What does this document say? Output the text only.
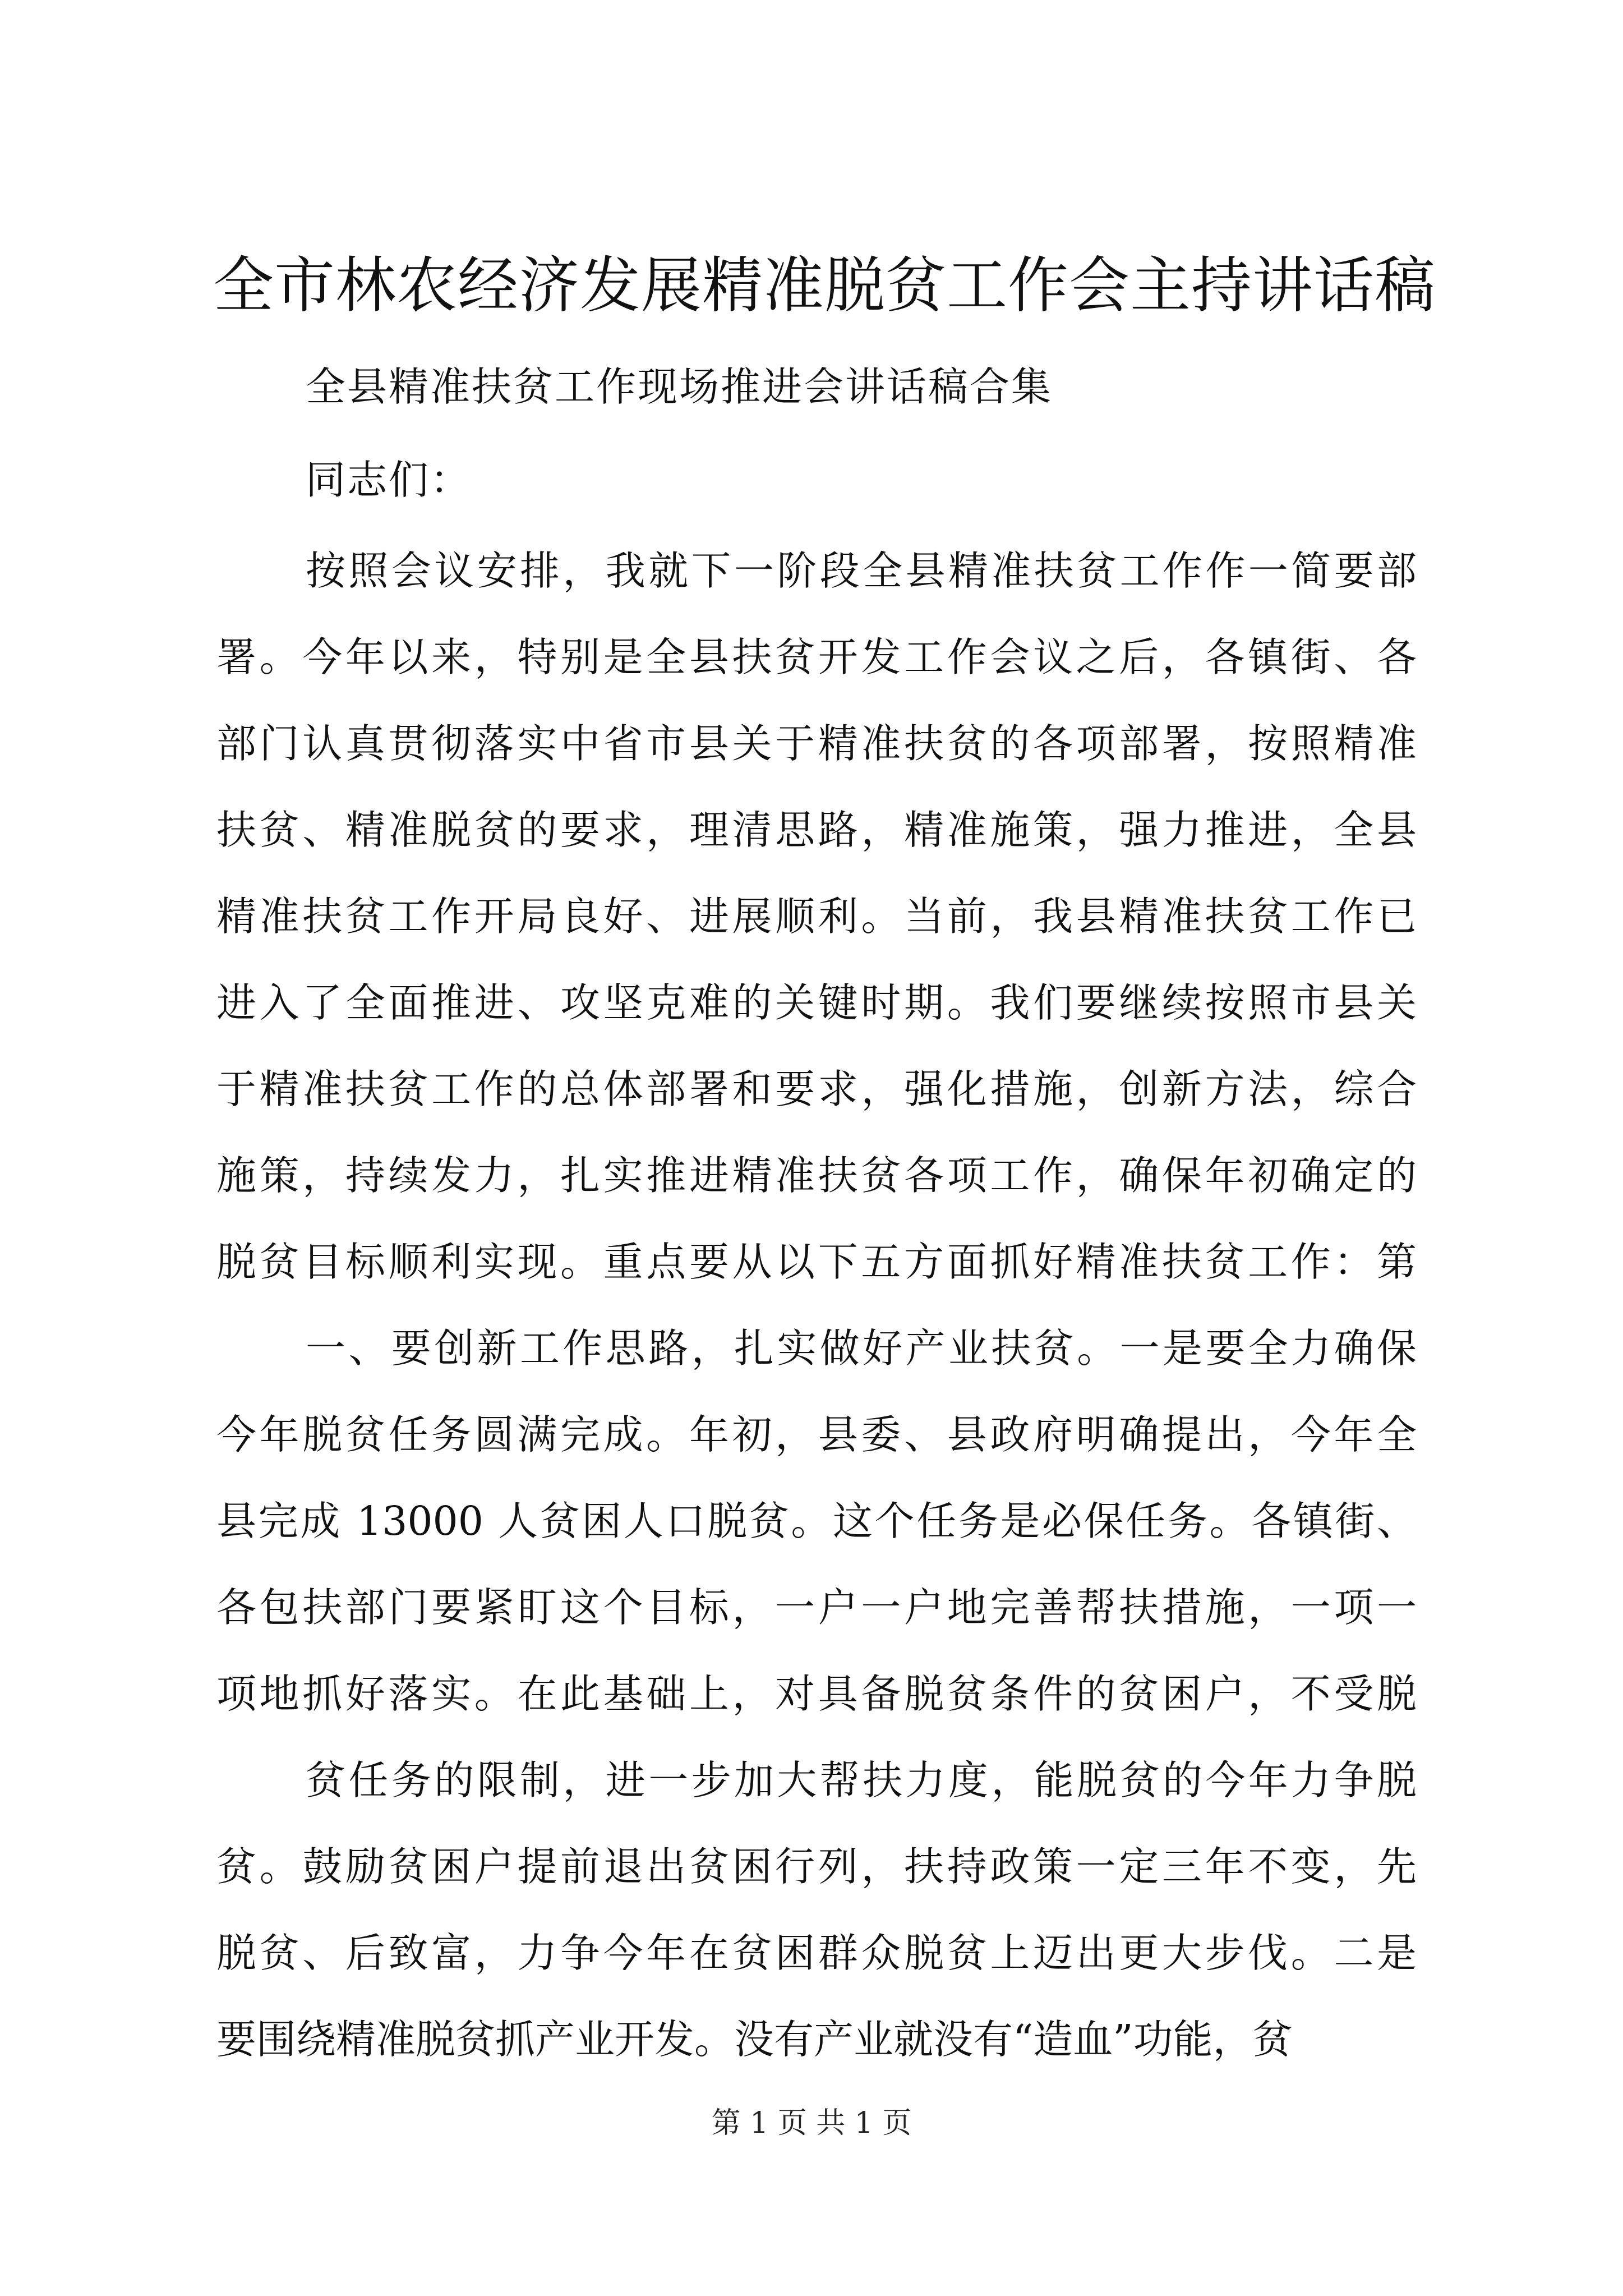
全市林农经济发展精准脱贫工作会主持讲话稿
全县精准扶贫工作现场推进会讲话稿合集
同志们：
按照会议安排，我就下一阶段全县精准扶贫工作作一简要部
署。今年以来，特别是全县扶贫开发工作会议之后，各镇街、各
部门认真贯彻落实中省市县关于精准扶贫的各项部署，按照精准
扶贫、精准脱贫的要求，理清思路，精准施策，强力推进，全县
精准扶贫工作开局良好、进展顺利。当前，我县精准扶贫工作已
进入了全面推进、攻坚克难的关键时期。我们要继续按照市县关
于精准扶贫工作的总体部署和要求，强化措施，创新方法，综合
施策，持续发力，扎实推进精准扶贫各项工作，确保年初确定的
脱贫目标顺利实现。重点要从以下五方面抓好精准扶贫工作：第
一、要创新工作思路，扎实做好产业扶贫。一是要全力确保
今年脱贫任务圆满完成。年初，县委、县政府明确提出，今年全
县完成 13000 人贫困人口脱贫。这个任务是必保任务。各镇街、
各包扶部门要紧盯这个目标，一户一户地完善帮扶措施，一项一
项地抓好落实。在此基础上，对具备脱贫条件的贫困户，不受脱
贫任务的限制，进一步加大帮扶力度，能脱贫的今年力争脱
贫。鼓励贫困户提前退出贫困行列，扶持政策一定三年不变，先
脱贫、后致富，力争今年在贫困群众脱贫上迈出更大步伐。二是
要围绕精准脱贫抓产业开发。没有产业就没有“造血”功能，贫
第 1 页 共 1 页
